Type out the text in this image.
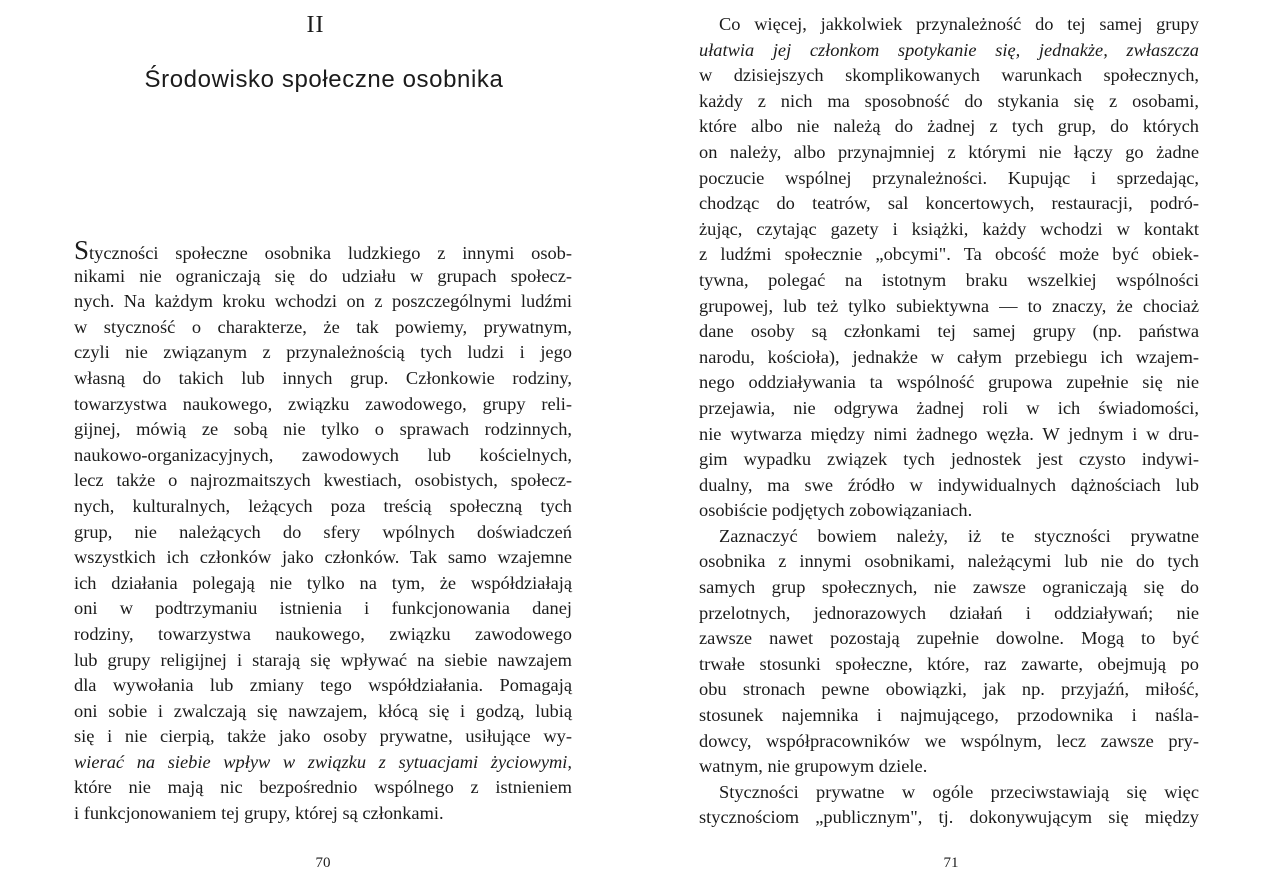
II
Środowisko społeczne osobnika
Styczności społeczne osobnika ludzkiego z innymi osob-
nikami nie ograniczają się do udziału w grupach społecz-
nych. Na każdym kroku wchodzi on z poszczególnymi ludźmi
w styczność o charakterze, że tak powiemy, prywatnym,
czyli nie związanym z przynależnością tych ludzi i jego
własną do takich lub innych grup. Członkowie rodziny,
towarzystwa naukowego, związku zawodowego, grupy reli-
gijnej, mówią ze sobą nie tylko o sprawach rodzinnych,
naukowo-organizacyjnych, zawodowych lub kościelnych,
lecz także o najrozmaitszych kwestiach, osobistych, społecz-
nych, kulturalnych, leżących poza treścią społeczną tych
grup, nie należących do sfery wpólnych doświadczeń
wszystkich ich członków jako członków. Tak samo wzajemne
ich działania polegają nie tylko na tym, że współdziałają
oni w podtrzymaniu istnienia i funkcjonowania danej
rodziny, towarzystwa naukowego, związku zawodowego
lub grupy religijnej i starają się wpływać na siebie nawzajem
dla wywołania lub zmiany tego współdziałania. Pomagają
oni sobie i zwalczają się nawzajem, kłócą się i godzą, lubią
się i nie cierpią, także jako osoby prywatne, usiłujące wy-
wierać na siebie wpływ w związku z sytuacjami życiowymi,
które nie mają nic bezpośrednio wspólnego z istnieniem
i funkcjonowaniem tej grupy, której są członkami.
70
Co więcej, jakkolwiek przynależność do tej samej grupy
ułatwia jej członkom spotykanie się, jednakże, zwłaszcza
w dzisiejszych skomplikowanych warunkach społecznych,
każdy z nich ma sposobność do stykania się z osobami,
które albo nie należą do żadnej z tych grup, do których
on należy, albo przynajmniej z którymi nie łączy go żadne
poczucie wspólnej przynależności. Kupując i sprzedając,
chodząc do teatrów, sal koncertowych, restauracji, podró-
żując, czytając gazety i książki, każdy wchodzi w kontakt
z ludźmi społecznie „obcymi". Ta obcość może być obiek-
tywna, polegać na istotnym braku wszelkiej wspólności
grupowej, lub też tylko subiektywna — to znaczy, że chociaż
dane osoby są członkami tej samej grupy (np. państwa
narodu, kościoła), jednakże w całym przebiegu ich wzajem-
nego oddziaływania ta wspólność grupowa zupełnie się nie
przejawia, nie odgrywa żadnej roli w ich świadomości,
nie wytwarza między nimi żadnego węzła. W jednym i w dru-
gim wypadku związek tych jednostek jest czysto indywi-
dualny, ma swe źródło w indywidualnych dążnościach lub
osobiście podjętych zobowiązaniach.
Zaznaczyć bowiem należy, iż te styczności prywatne
osobnika z innymi osobnikami, należącymi lub nie do tych
samych grup społecznych, nie zawsze ograniczają się do
przelotnych, jednorazowych działań i oddziaływań; nie
zawsze nawet pozostają zupełnie dowolne. Mogą to być
trwałe stosunki społeczne, które, raz zawarte, obejmują po
obu stronach pewne obowiązki, jak np. przyjaźń, miłość,
stosunek najemnika i najmującego, przodownika i naśla-
dowcy, współpracowników we wspólnym, lecz zawsze pry-
watnym, nie grupowym dziele.
Styczności prywatne w ogóle przeciwstawiają się więc
stycznościom „publicznym", tj. dokonywującym się między
71
